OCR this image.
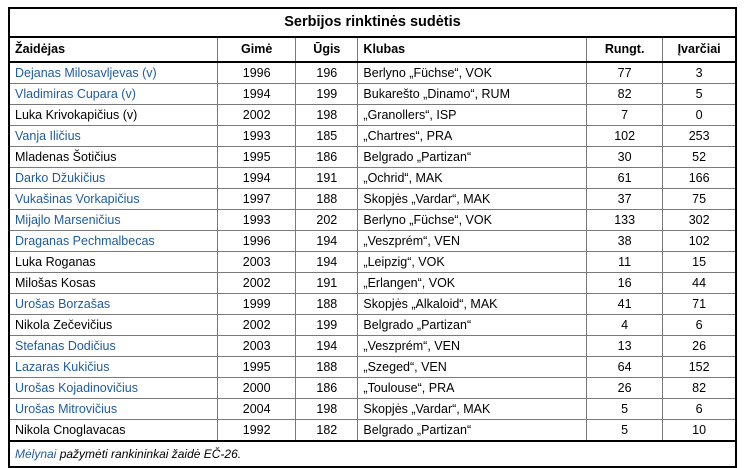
Serbijos rinktinės sudėtis					
Žaidėjas	Gimė	Ūgis	Klubas	Rungt.	Įvarčiai
Dejanas Milosavljevas (v)	1996	196	Berlyno „Füchse“, VOK	77	3
Vladimiras Cupara (v)	1994	199	Bukarešto „Dinamo“, RUM	82	5
Luka Krivokapičius (v)	2002	198	„Granollers“, ISP	7	0
Vanja Iličius	1993	185	„Chartres“, PRA	102	253
Mladenas Šotičius	1995	186	Belgrado „Partizan“	30	52
Darko Džukičius	1994	191	„Ochrid“, MAK	61	166
Vukašinas Vorkapičius	1997	188	Skopjės „Vardar“, MAK	37	75
Mijajlo Marseničius	1993	202	Berlyno „Füchse“, VOK	133	302
Draganas Pechmalbecas	1996	194	„Veszprém“, VEN	38	102
Luka Roganas	2003	194	„Leipzig“, VOK	11	15
Milošas Kosas	2002	191	„Erlangen“, VOK	16	44
Urošas Borzašas	1999	188	Skopjės „Alkaloid“, MAK	41	71
Nikola Zečevičius	2002	199	Belgrado „Partizan“	4	6
Stefanas Dodičius	2003	194	„Veszprém“, VEN	13	26
Lazaras Kukičius	1995	188	„Szeged“, VEN	64	152
Urošas Kojadinovičius	2000	186	„Toulouse“, PRA	26	82
Urošas Mitrovičius	2004	198	Skopjės „Vardar“, MAK	5	6
Nikola Cnoglavacas	1992	182	Belgrado „Partizan“	5	10
Mėlynai pažymėti rankininkai žaidė EČ-26.					
